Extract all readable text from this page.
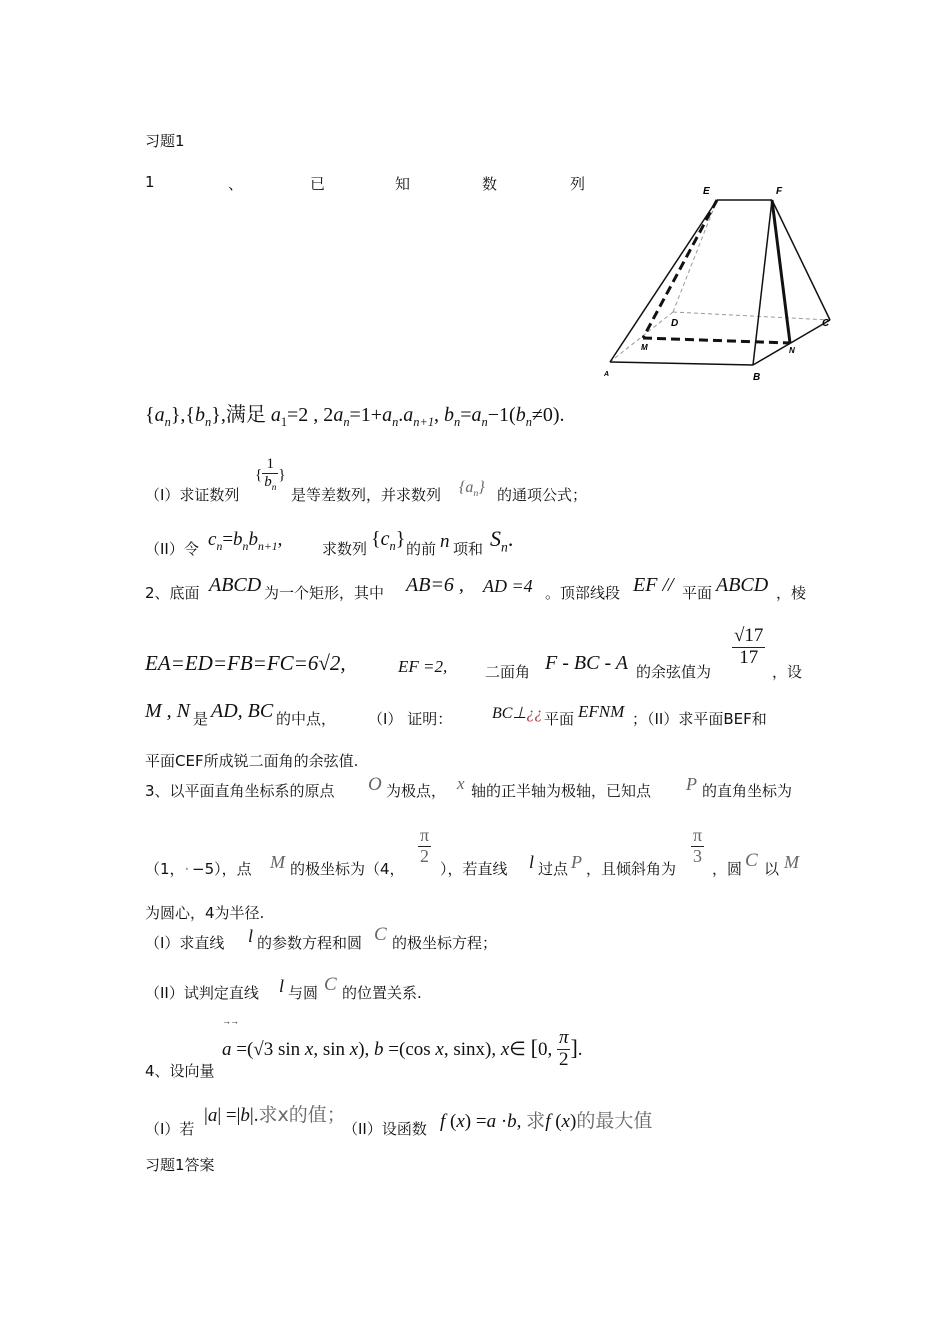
习题1
1	、	已	知	数	列	E	F
D	C
M	N
A	B
$\{a_n\},\{b_n\}$,满足 $a_1=2$ , $2a_n=1+a_n.a_{n+1}$, $b_n=a_n-1(b_n\ne 0)$.
（I）求证数列
{ $\frac{1}{b_n}$ }
是等差数列，并求数列 $\{a_n\}$ 的通项公式；
（II）令 $c_n=b_nb_{n+1}$,	求数列 $\{c_n\}$ 的前 n 项和 $S_n$.
2、底面 ABCD 为一个矩形，其中 AB=6 , AD =4 。顶部线段 EF // 平面 ABCD ，棱
EA=ED=FB=FC=6√2,	EF =2,	二面角 F - BC - A 的余弦值为
$\frac{√17}{17}$
，设
M , N 是 AD, BC 的中点， （I） 证明： BC⊥¿¿ 平面 EFNM ；（II）求平面BEF和
平面CEF所成锐二面角的余弦值.
3、以平面直角坐标系的原点 O 为极点， x 轴的正半轴为极轴，已知点 P 的直角坐标为
（1， . −5），点 M 的极坐标为（4，
$\frac{\pi}{2}$
），若直线 l 过点 P ，且倾斜角为
$\frac{\pi}{3}$
，圆 C 以 M
为圆心，4为半径.
（Ⅰ）求直线 l 的参数方程和圆 C 的极坐标方程；
（II）试判定直线 l 与圆 C 的位置关系.
→→
a =(√3 sin x, sin x), b =(cos x, sinx), x∈ [0, $\frac{\pi}{2}$ ].
4、设向量
（I）若
|a| =|b|.求x的值；
（II）设函数 f (x) =a ·b, 求f (x)的最大值
习题1答案
